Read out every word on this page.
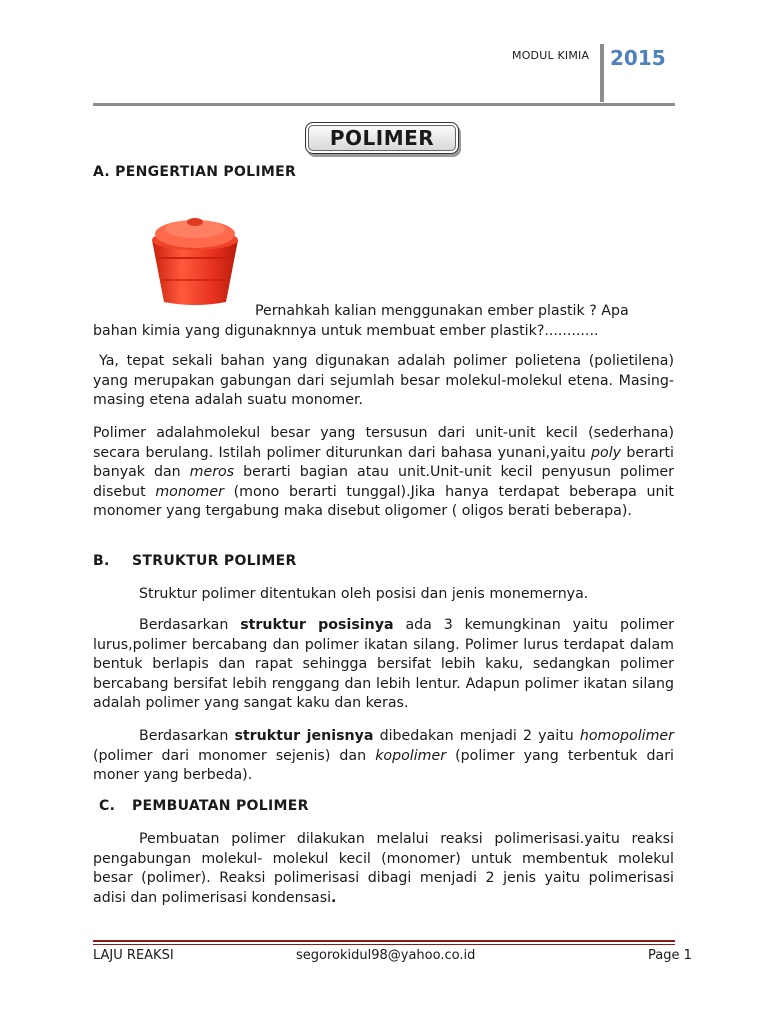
MODUL KIMIA 2015
POLIMER
A. PENGERTIAN POLIMER
Pernahkah kalian menggunakan ember plastik ? Apa
bahan kimia yang digunaknnya untuk membuat ember plastik?............
Ya, tepat sekali bahan yang digunakan adalah polimer polietena (polietilena) yang merupakan gabungan dari sejumlah besar molekul-molekul etena. Masing-masing etena adalah suatu monomer.
Polimer adalahmolekul besar yang tersusun dari unit-unit kecil (sederhana) secara berulang. Istilah polimer diturunkan dari bahasa yunani,yaitu poly berarti banyak dan meros berarti bagian atau unit.Unit-unit kecil penyusun polimer disebut monomer (mono berarti tunggal).Jika hanya terdapat beberapa unit monomer yang tergabung maka disebut oligomer ( oligos berati beberapa).
B. STRUKTUR POLIMER
Struktur polimer ditentukan oleh posisi dan jenis monemernya.
Berdasarkan struktur posisinya ada 3 kemungkinan yaitu polimer lurus,polimer bercabang dan polimer ikatan silang. Polimer lurus terdapat dalam bentuk berlapis dan rapat sehingga bersifat lebih kaku, sedangkan polimer bercabang bersifat lebih renggang dan lebih lentur. Adapun polimer ikatan silang adalah polimer yang sangat kaku dan keras.
Berdasarkan struktur jenisnya dibedakan menjadi 2 yaitu homopolimer (polimer dari monomer sejenis) dan kopolimer (polimer yang terbentuk dari moner yang berbeda).
C. PEMBUATAN POLIMER
Pembuatan polimer dilakukan melalui reaksi polimerisasi.yaitu reaksi pengabungan molekul- molekul kecil (monomer) untuk membentuk molekul besar (polimer). Reaksi polimerisasi dibagi menjadi 2 jenis yaitu polimerisasi adisi dan polimerisasi kondensasi.
LAJU REAKSI	segorokidul98@yahoo.co.id	Page 1
